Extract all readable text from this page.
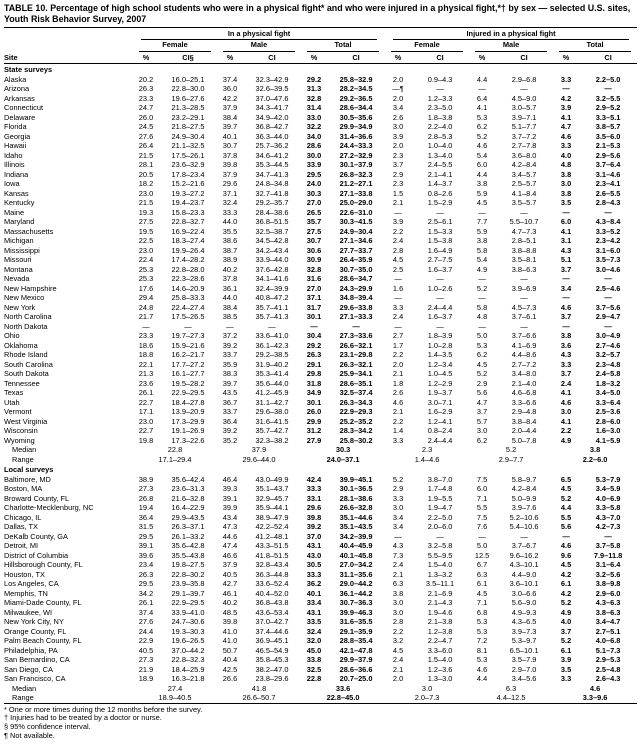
TABLE 10. Percentage of high school students who were in a physical fight* and who were injured in a physical fight,*† by sex — selected U.S. sites, Youth Risk Behavior Survey, 2007

	In a physical fight						Injured in a physical fight					

	Female		Male		Total		Female		Male		Total	

Site	%	CI§	%	CI	%	CI	%	CI	%	CI	%	CI
State surveys												
Alaska	20.2	16.0–25.1	37.4	32.3–42.9	29.2	25.8–32.9	2.0	0.9–4.3	4.4	2.9–6.8	3.3	2.2–5.0
Arizona	26.3	22.8–30.0	36.0	32.6–39.5	31.3	28.2–34.5	—¶	—	—	—	—	—
Arkansas	23.3	19.6–27.6	42.2	37.0–47.6	32.8	29.2–36.5	2.0	1.2–3.3	6.4	4.5–9.0	4.2	3.2–5.5
Connecticut	24.7	21.3–28.5	37.9	34.3–41.7	31.4	28.6–34.4	3.4	2.3–5.0	4.1	3.0–5.7	3.9	2.9–5.2
Delaware	26.0	23.2–29.1	38.4	34.9–42.0	33.0	30.5–35.6	2.6	1.8–3.8	5.3	3.9–7.1	4.1	3.3–5.1
Florida	24.5	21.8–27.5	39.7	36.8–42.7	32.2	29.9–34.9	3.0	2.2–4.0	6.2	5.1–7.7	4.7	3.8–5.7
Georgia	27.6	24.9–30.4	40.1	36.3–44.0	34.0	31.4–36.6	3.9	2.8–5.3	5.2	3.7–7.2	4.6	3.5–6.0
Hawaii	26.4	21.1–32.5	30.7	25.7–36.2	28.6	24.4–33.3	2.0	1.0–4.0	4.6	2.7–7.8	3.3	2.1–5.3
Idaho	21.5	17.5–26.1	37.8	34.6–41.2	30.0	27.2–32.9	2.3	1.3–4.0	5.4	3.6–8.0	4.0	2.9–5.6
Illinois	28.1	23.6–32.9	39.8	35.3–44.5	33.9	30.1–37.9	3.7	2.4–5.5	6.0	4.2–8.4	4.8	3.7–6.4
Indiana	20.5	17.8–23.4	37.9	34.7–41.3	29.5	26.8–32.3	2.9	2.1–4.1	4.4	3.4–5.7	3.8	3.1–4.6
Iowa	18.2	15.2–21.6	29.6	24.8–34.8	24.0	21.2–27.1	2.3	1.4–3.7	3.8	2.5–5.7	3.0	2.3–4.1
Kansas	23.0	19.3–27.2	37.1	32.7–41.8	30.3	27.1–33.8	1.5	0.8–2.6	5.9	4.1–8.4	3.8	2.6–5.5
Kentucky	21.5	19.4–23.7	32.4	29.2–35.7	27.0	25.0–29.0	2.1	1.5–2.9	4.5	3.5–5.7	3.5	2.8–4.3
Maine	19.3	15.8–23.3	33.3	28.4–38.6	26.5	22.6–31.0	—	—	—	—	—	—
Maryland	27.5	22.8–32.7	44.0	36.8–51.5	35.7	30.3–41.5	3.9	2.5–6.1	7.7	5.5–10.7	6.0	4.3–8.4
Massachusetts	19.5	16.9–22.4	35.5	32.5–38.7	27.5	24.9–30.4	2.2	1.5–3.3	5.9	4.7–7.3	4.1	3.3–5.2
Michigan	22.5	18.3–27.4	38.6	34.5–42.8	30.7	27.1–34.6	2.4	1.5–3.8	3.8	2.8–5.1	3.1	2.3–4.2
Mississippi	23.0	19.9–26.4	38.7	34.2–43.4	30.6	27.7–33.7	2.8	1.6–4.9	5.8	3.8–8.8	4.3	3.1–6.0
Missouri	22.4	17.4–28.2	38.9	33.9–44.0	30.9	26.4–35.9	4.5	2.7–7.5	5.4	3.5–8.1	5.1	3.5–7.3
Montana	25.3	22.8–28.0	40.2	37.6–42.8	32.8	30.7–35.0	2.5	1.6–3.7	4.9	3.8–6.3	3.7	3.0–4.6
Nevada	25.3	22.3–28.6	37.8	34.1–41.6	31.6	28.6–34.7	—	—	—	—	—	—
New Hampshire	17.6	14.6–20.9	36.1	32.4–39.9	27.0	24.3–29.9	1.6	1.0–2.6	5.2	3.9–6.9	3.4	2.5–4.6
New Mexico	29.4	25.8–33.3	44.0	40.8–47.2	37.1	34.8–39.4	—	—	—	—	—	—
New York	24.8	22.4–27.4	38.4	35.7–41.1	31.7	29.6–33.8	3.3	2.4–4.4	5.8	4.5–7.3	4.6	3.7–5.6
North Carolina	21.7	17.5–26.5	38.5	35.7–41.3	30.1	27.1–33.3	2.4	1.6–3.7	4.8	3.7–6.1	3.7	2.9–4.7
North Dakota	—	—	—	—	—	—	—	—	—	—	—	—
Ohio	23.3	19.7–27.3	37.2	33.6–41.0	30.4	27.3–33.6	2.7	1.8–3.9	5.0	3.7–6.6	3.8	3.0–4.9
Oklahoma	18.6	15.9–21.6	39.2	36.1–42.3	29.2	26.6–32.1	1.7	1.0–2.8	5.3	4.1–6.9	3.6	2.7–4.6
Rhode Island	18.8	16.2–21.7	33.7	29.2–38.5	26.3	23.1–29.8	2.2	1.4–3.5	6.2	4.4–8.6	4.3	3.2–5.7
South Carolina	22.1	17.7–27.2	35.9	31.9–40.2	29.1	26.3–32.1	2.0	1.2–3.4	4.5	2.7–7.2	3.3	2.3–4.8
South Dakota	21.3	16.1–27.7	38.3	35.3–41.4	29.8	25.9–34.1	2.1	1.0–4.5	5.2	3.4–8.0	3.7	2.4–5.8
Tennessee	23.6	19.5–28.2	39.7	35.6–44.0	31.8	28.6–35.1	1.8	1.2–2.9	2.9	2.1–4.0	2.4	1.8–3.2
Texas	26.1	22.9–29.5	43.5	41.2–45.9	34.9	32.5–37.4	2.6	1.9–3.7	5.6	4.6–6.8	4.1	3.4–5.0
Utah	22.7	18.4–27.8	36.7	31.1–42.7	30.1	26.3–34.3	4.6	3.0–7.1	4.7	3.3–6.6	4.6	3.3–6.4
Vermont	17.1	13.9–20.9	33.7	29.6–38.0	26.0	22.9–29.3	2.1	1.6–2.9	3.7	2.9–4.8	3.0	2.5–3.6
West Virginia	23.0	17.3–29.9	36.4	31.6–41.5	29.9	25.2–35.2	2.2	1.2–4.1	5.7	3.8–8.4	4.1	2.8–6.0
Wisconsin	22.7	19.1–26.9	39.2	35.7–42.7	31.2	28.3–34.2	1.4	0.8–2.4	3.0	2.0–4.4	2.2	1.6–3.0
Wyoming	19.8	17.3–22.6	35.2	32.3–38.2	27.9	25.8–30.2	3.3	2.4–4.4	6.2	5.0–7.8	4.9	4.1–5.9
Median	22.8		37.9		30.3		2.3		5.2		3.8	
Range	17.1–29.4		29.6–44.0		24.0–37.1		1.4–4.6		2.9–7.7		2.2–6.0	
Local surveys												
Baltimore, MD	38.9	35.6–42.4	46.4	43.0–49.9	42.4	39.9–45.1	5.2	3.8–7.0	7.5	5.8–9.7	6.5	5.3–7.9
Boston, MA	27.3	23.6–31.3	39.3	35.1–43.7	33.3	30.1–36.5	2.9	1.7–4.8	6.0	4.2–8.4	4.5	3.4–5.9
Broward County, FL	26.8	21.6–32.8	39.1	32.9–45.7	33.1	28.1–38.6	3.3	1.9–5.5	7.1	5.0–9.9	5.2	4.0–6.9
Charlotte-Mecklenburg, NC	19.4	16.4–22.9	39.9	35.9–44.1	29.6	26.6–32.8	3.0	1.9–4.7	5.5	3.9–7.6	4.4	3.3–5.8
Chicago, IL	36.4	29.9–43.5	43.4	38.9–47.9	39.8	35.1–44.6	3.4	2.2–5.0	7.5	5.2–10.6	5.5	4.3–7.0
Dallas, TX	31.5	26.3–37.1	47.3	42.2–52.4	39.2	35.1–43.5	3.4	2.0–6.0	7.6	5.4–10.6	5.6	4.2–7.3
DeKalb County, GA	29.5	26.1–33.2	44.6	41.2–48.1	37.0	34.2–39.9	—	—	—	—	—	—
Detroit, MI	39.1	35.6–42.8	47.4	43.3–51.5	43.1	40.4–45.9	4.3	3.2–5.8	5.0	3.7–6.7	4.6	3.7–5.8
District of Columbia	39.6	35.5–43.8	46.6	41.8–51.5	43.0	40.1–45.8	7.3	5.5–9.5	12.5	9.6–16.2	9.6	7.9–11.8
Hillsborough County, FL	23.4	19.8–27.5	37.9	32.8–43.4	30.5	27.0–34.2	2.4	1.5–4.0	6.7	4.3–10.1	4.5	3.1–6.4
Houston, TX	26.3	22.8–30.2	40.5	36.3–44.8	33.3	31.1–35.6	2.1	1.3–3.2	6.3	4.4–9.0	4.2	3.2–5.6
Los Angeles, CA	29.5	23.9–35.8	42.7	33.6–52.4	36.2	29.0–44.2	6.3	3.5–11.1	6.1	3.6–10.1	6.1	3.8–9.8
Memphis, TN	34.2	29.1–39.7	46.1	40.4–52.0	40.1	36.1–44.2	3.8	2.1–6.9	4.5	3.0–6.6	4.2	2.9–6.0
Miami-Dade County, FL	26.1	22.9–29.5	40.2	36.8–43.8	33.4	30.7–36.3	3.0	2.1–4.3	7.1	5.6–9.0	5.2	4.3–6.3
Milwaukee, WI	37.4	33.9–41.0	48.5	43.6–53.4	43.1	39.9–46.3	3.0	1.9–4.6	6.8	4.9–9.3	4.9	3.8–6.3
New York City, NY	27.6	24.7–30.6	39.8	37.0–42.7	33.5	31.6–35.5	2.8	2.1–3.8	5.3	4.3–6.5	4.0	3.4–4.7
Orange County, FL	24.4	19.3–30.3	41.0	37.4–44.6	32.4	29.1–35.9	2.2	1.2–3.8	5.3	3.9–7.3	3.7	2.7–5.1
Palm Beach County, FL	22.9	19.6–26.5	41.0	36.9–45.1	32.0	28.8–35.4	3.2	2.2–4.7	7.2	5.3–9.7	5.2	4.0–6.8
Philadelphia, PA	40.5	37.0–44.2	50.7	46.5–54.9	45.0	42.1–47.8	4.5	3.3–6.0	8.1	6.5–10.1	6.1	5.1–7.3
San Bernardino, CA	27.3	22.8–32.3	40.4	35.8–45.3	33.8	29.9–37.9	2.4	1.5–4.0	5.3	3.5–7.9	3.9	2.9–5.3
San Diego, CA	21.9	18.4–25.9	42.5	38.2–47.0	32.5	28.6–36.6	2.1	1.2–3.6	4.6	2.9–7.0	3.5	2.5–4.8
San Francisco, CA	18.9	16.3–21.8	26.6	23.8–29.6	22.8	20.7–25.0	2.0	1.3–3.0	4.4	3.4–5.6	3.3	2.6–4.3
Median	27.4		41.8		33.6		3.0		6.3		4.6	
Range	18.9–40.5		26.6–50.7		22.8–45.0		2.0–7.3		4.4–12.5		3.3–9.6	
* One or more times during the 12 months before the survey.
† Injuries had to be treated by a doctor or nurse.
§ 95% confidence interval.
¶ Not available.
